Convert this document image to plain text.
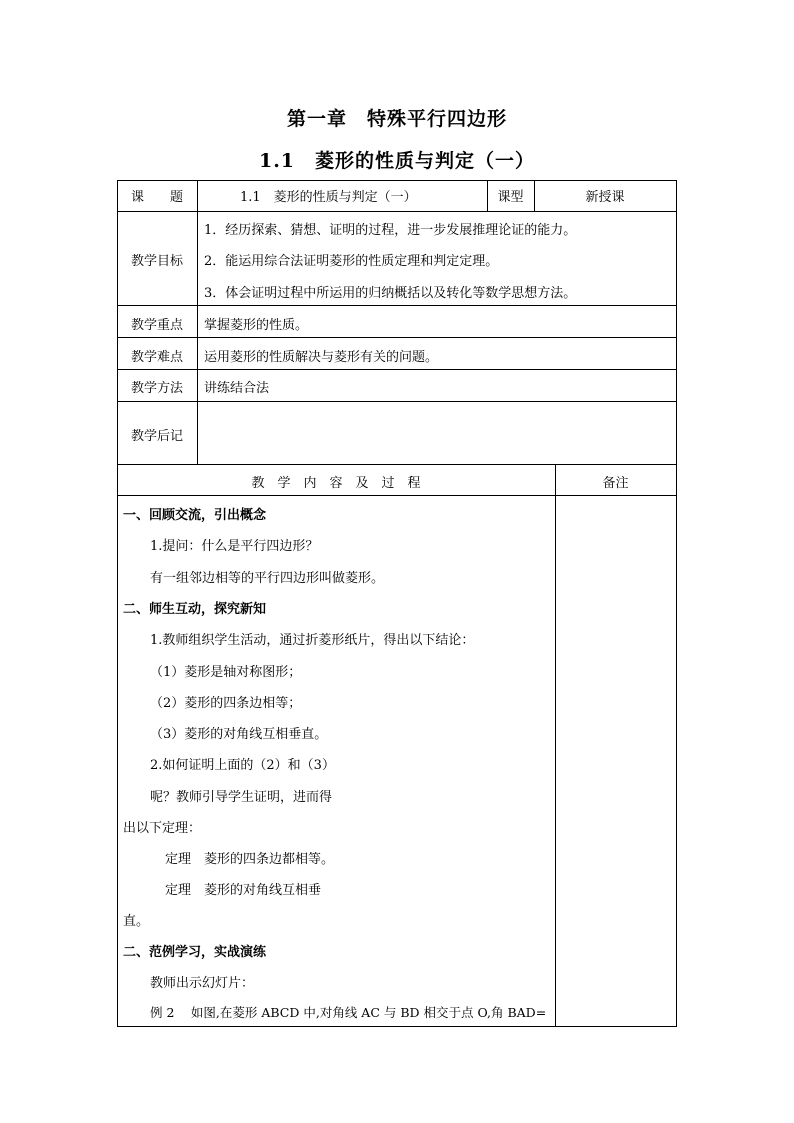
第一章　特殊平行四边形
1.1　菱形的性质与判定（一）
课　　题	1.1　菱形的性质与判定（一）	课型	新授课
教学目标
1．经历探索、猜想、证明的过程，进一步发展推理论证的能力。
2．能运用综合法证明菱形的性质定理和判定定理。
3．体会证明过程中所运用的归纳概括以及转化等数学思想方法。
教学重点	掌握菱形的性质。
教学难点	运用菱形的性质解决与菱形有关的问题。
教学方法	讲练结合法
教学后记
教　学　内　容　及　过　程	备注
一、回顾交流，引出概念
1.提问：什么是平行四边形？
有一组邻边相等的平行四边形叫做菱形。
二、师生互动，探究新知
1.教师组织学生活动，通过折菱形纸片，得出以下结论：
（1）菱形是轴对称图形；
（2）菱形的四条边相等；
（3）菱形的对角线互相垂直。
2.如何证明上面的（2）和（3）
呢？教师引导学生证明，进而得
出以下定理：
定理　菱形的四条边都相等。
定理　菱形的对角线互相垂
直。
二、范例学习，实战演练
教师出示幻灯片：
例 2　 如图,在菱形 ABCD 中,对角线 AC 与 BD 相交于点 O,角 BAD=
